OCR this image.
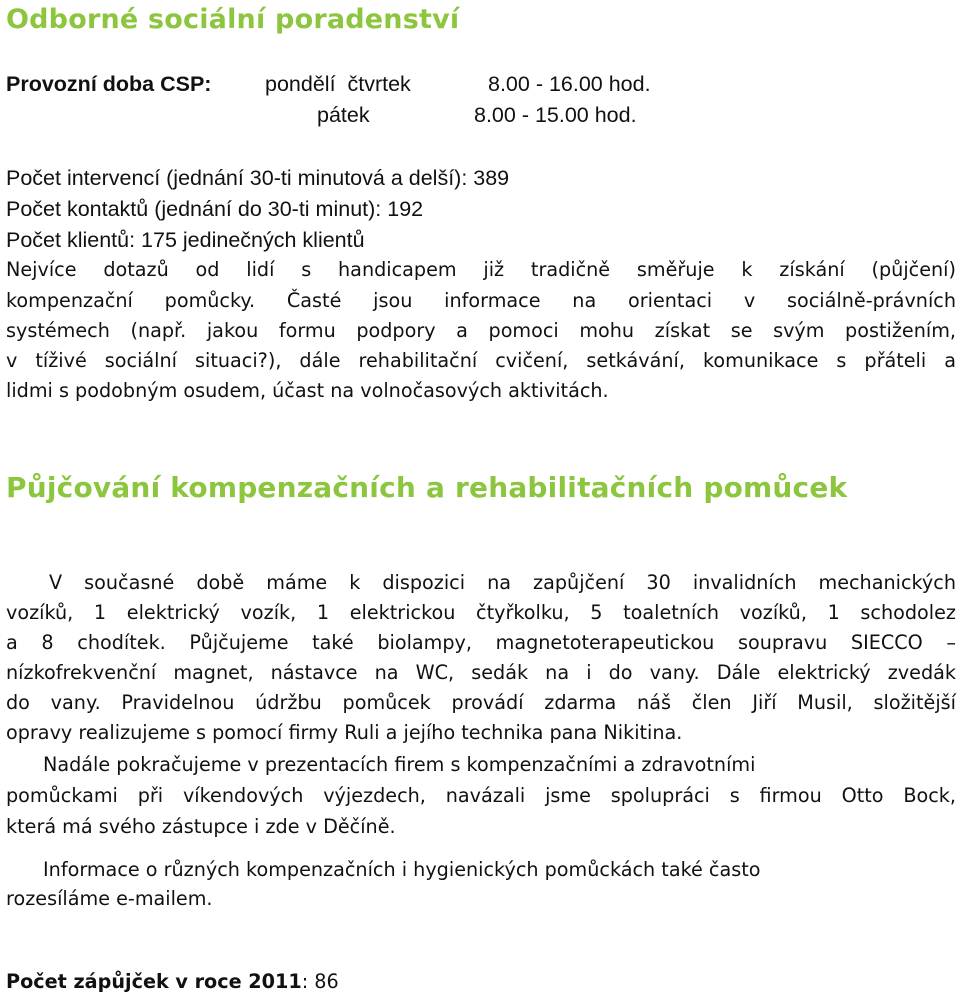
Odborné sociální poradenství
Provozní doba CSP: pondělí  čtvrtek	8.00 - 16.00 hod.
pátek	8.00 - 15.00 hod.
Počet intervencí (jednání 30-ti minutová a delší): 389
Počet kontaktů (jednání do 30-ti minut): 192
Počet klientů: 175 jedinečných klientů
Nejvíce dotazů od lidí s handicapem již tradičně směřuje k získání (půjčení)
kompenzační pomůcky. Časté jsou informace na orientaci v sociálně-právních
systémech (např. jakou formu podpory a pomoci mohu získat se svým postižením,
v tíživé sociální situaci?), dále rehabilitační cvičení, setkávání, komunikace s přáteli a
lidmi s podobným osudem, účast na volnočasových aktivitách.
Půjčování kompenzačních a rehabilitačních pomůcek
V současné době máme k dispozici na zapůjčení 30 invalidních mechanických
vozíků, 1 elektrický vozík, 1 elektrickou čtyřkolku, 5 toaletních vozíků, 1 schodolez
a 8 chodítek. Půjčujeme také biolampy, magnetoterapeutickou soupravu SIECCO –
nízkofrekvenční magnet, nástavce na WC, sedák na i do vany. Dále elektrický zvedák
do vany. Pravidelnou údržbu pomůcek provádí zdarma náš člen Jiří Musil, složitější
opravy realizujeme s pomocí firmy Ruli a jejího technika pana Nikitina.
Nadále pokračujeme v prezentacích firem s kompenzačními a zdravotními
pomůckami při víkendových výjezdech, navázali jsme spolupráci s firmou Otto Bock,
která má svého zástupce i zde v Děčíně.
Informace o různých kompenzačních i hygienických pomůckách také často
rozesíláme e-mailem.
Počet zápůjček v roce 2011: 86
